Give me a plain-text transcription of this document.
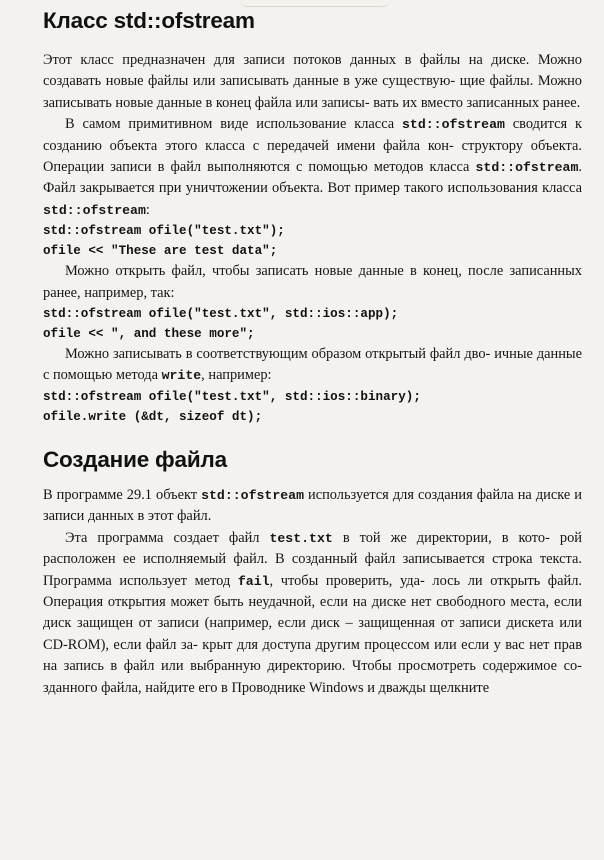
Класс std::ofstream

Этот класс предназначен для записи потоков данных в файлы на диске. Можно создавать новые файлы или записывать данные в уже существую- щие файлы. Можно записывать новые данные в конец файла или записы- вать их вместо записанных ранее.

В самом примитивном виде использование класса std::ofstream сводится к созданию объекта этого класса с передачей имени файла кон- структору объекта. Операции записи в файл выполняются с помощью методов класса std::ofstream. Файл закрывается при уничтожении объекта. Вот пример такого использования класса std::ofstream:

std::ofstream ofile("test.txt");
ofile << "These are test data";

Можно открыть файл, чтобы записать новые данные в конец, после записанных ранее, например, так:

std::ofstream ofile("test.txt", std::ios::app);
ofile << ", and these more";

Можно записывать в соответствующим образом открытый файл дво- ичные данные с помощью метода write, например:

std::ofstream ofile("test.txt", std::ios::binary);
ofile.write (&dt, sizeof dt);
Создание файла

В программе 29.1 объект std::ofstream используется для создания файла на диске и записи данных в этот файл.

Эта программа создает файл test.txt в той же директории, в кото- рой расположен ее исполняемый файл. В созданный файл записывается строка текста. Программа использует метод fail, чтобы проверить, уда- лось ли открыть файл. Операция открытия может быть неудачной, если на диске нет свободного места, если диск защищен от записи (например, если диск – защищенная от записи дискета или CD-ROM), если файл за- крыт для доступа другим процессом или если у вас нет прав на запись в файл или выбранную директорию. Чтобы просмотреть содержимое со- зданного файла, найдите его в Проводнике Windows и дважды щелкните
